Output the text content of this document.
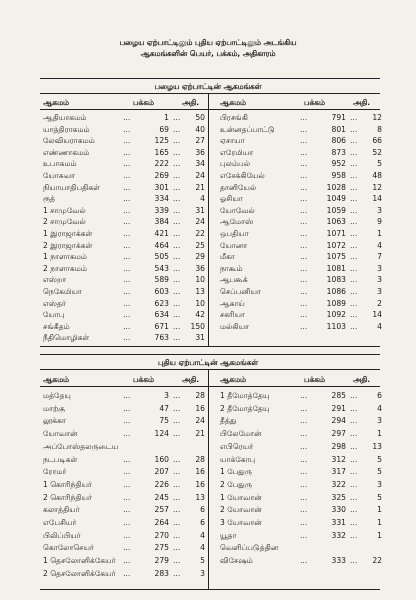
பழைய ஏற்பாட்டிலும் புதிய ஏற்பாட்டிலும் அடங்கிய
ஆகமங்களின் பெயர், பக்கம், அதிகாரம்
பழைய ஏற்பாட்டின் ஆகமங்கள்
ஆகமம்	பக்கம்	அதி.	ஆகமம்	பக்கம்	அதி.
ஆதியாகமம்	...	1 ...	50
யாத்திராகமம்	...	69 ...	40
லேவியராகமம்	...	125 ...	27
எண்ணாகமம்	...	165 ...	36
உபாகமம்	...	222 ...	34
யோசுவா	...	269 ...	24
நியாயாதிபதிகள்	...	301 ...	21
ரூத்	...	334 ...	4
1 சாமுவேல்	...	339 ...	31
2 சாமுவேல்	...	384 ...	24
1 இராஜாக்கள்	...	421 ...	22
2 இராஜாக்கள்	...	464 ...	25
1 நாளாகமம்	...	505 ...	29
2 நாளாகமம்	...	543 ...	36
எஸ்றா	...	589 ...	10
நெகேமியா	...	603 ...	13
எஸ்தர்	...	623 ...	10
யோபு	...	634 ...	42
சங்கீதம்	...	671 ...	150
நீதிமொழிகள்	...	763 ...	31
பிரசங்கி	...	791 ...	12
உன்னதப்பாட்டு	...	801 ...	8
ஏசாயா	...	806 ...	66
எரேமியா	...	873 ...	52
புலம்பல்	...	952 ...	5
எசேக்கியேல்	...	958 ...	48
தானியேல்	...	1028 ...	12
ஓசியா	...	1049 ...	14
யோவேல்	...	1059 ...	3
ஆமோஸ்	...	1063 ...	9
ஒபதியா	...	1071 ...	1
யோனா	...	1072 ...	4
மீகா	...	1075 ...	7
நாகூம்	...	1081 ...	3
ஆபகூக்	...	1083 ...	3
செப்பனியா	...	1086 ...	3
ஆகாய்	...	1089 ...	2
சகரியா	...	1092 ...	14
மல்கியா	...	1103 ...	4
புதிய ஏற்பாட்டின் ஆகமங்கள்
ஆகமம்	பக்கம்	அதி.	ஆகமம்	பக்கம்	அதி.
மத்தேயு	...	3 ...	28
மாற்கு	...	47 ...	16
லூக்கா	...	75 ...	24
யோவான்	...	124 ...	21
அப்போஸ்தலருடைய
நடபடிகள்	...	160 ...	28
ரோமர்	...	207 ...	16
1 கொரிந்தியர்	...	226 ...	16
2 கொரிந்தியர்	...	245 ...	13
கலாத்தியர்	...	257 ...	6
எபேசியர்	...	264 ...	6
பிலிப்பியர்	...	270 ...	4
கொலோசெயர்	...	275 ...	4
1 தெசலோனிக்கேயர் ...	279 ...	5
2 தெசலோனிக்கேயர் ...	283 ...	3
1 தீமோத்தேயு	...	285 ...	6
2 தீமோத்தேயு	...	291 ...	4
தீத்து	...	294 ...	3
பிலேமோன்	...	297 ...	1
எபிரெயர்	...	298 ...	13
யாக்கோபு	...	312 ...	5
1 பேதுரு	...	317 ...	5
2 பேதுரு	...	322 ...	3
1 யோவான்	...	325 ...	5
2 யோவான்	...	330 ...	1
3 யோவான்	...	331 ...	1
யூதா	...	332 ...	1
வெளிப்படுத்தின
விசேஷம்	...	333 ...	22
